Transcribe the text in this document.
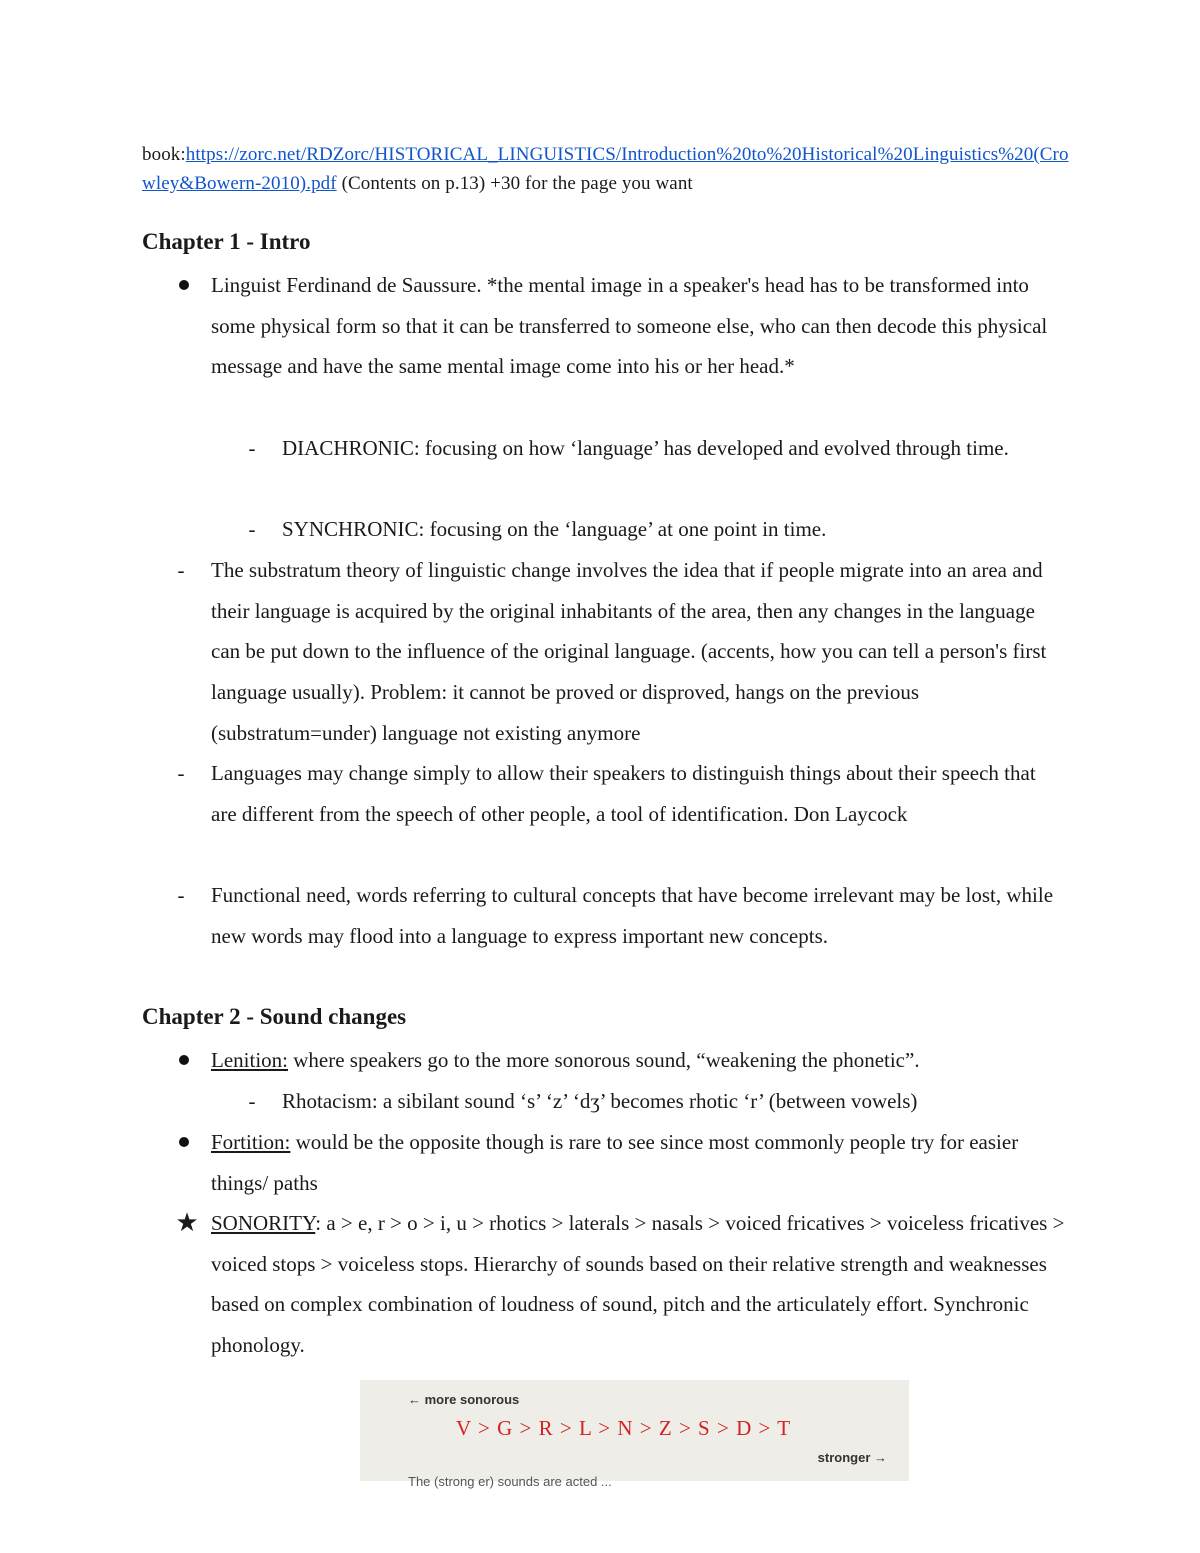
book:https://zorc.net/RDZorc/HISTORICAL_LINGUISTICS/Introduction%20to%20Historical%20Linguistics%20(Crowley&Bowern-2010).pdf (Contents on p.13) +30 for the page you want
Chapter 1 - Intro

Linguist Ferdinand de Saussure. *the mental image in a speaker's head has to be transformed into some physical form so that it can be transferred to someone else, who can then decode this physical message and have the same mental image come into his or her head.*

- DIACHRONIC: focusing on how ‘language’ has developed and evolved through time.

- SYNCHRONIC: focusing on the ‘language’ at one point in time.

- The substratum theory of linguistic change involves the idea that if people migrate into an area and their language is acquired by the original inhabitants of the area, then any changes in the language can be put down to the influence of the original language. (accents, how you can tell a person's first language usually). Problem: it cannot be proved or disproved, hangs on the previous (substratum=under) language not existing anymore

- Languages may change simply to allow their speakers to distinguish things about their speech that are different from the speech of other people, a tool of identification. Don Laycock

- Functional need, words referring to cultural concepts that have become irrelevant may be lost, while new words may flood into a language to express important new concepts.

Chapter 2 - Sound changes

Lenition: where speakers go to the more sonorous sound, “weakening the phonetic”.

- Rhotacism: a sibilant sound ‘s’ ‘z’ ‘dʒ’ becomes rhotic ‘r’ (between vowels)

Fortition: would be the opposite though is rare to see since most commonly people try for easier things/ paths

★ SONORITY: a > e, r > o > i, u > rhotics > laterals > nasals > voiced fricatives > voiceless fricatives > voiced stops > voiceless stops. Hierarchy of sounds based on their relative strength and weaknesses based on complex combination of loudness of sound, pitch and the articulately effort. Synchronic phonology.

← more sonorous
V > G > R > L > N > Z > S > D > T
stronger →
The (strong er) sounds are acted ...
